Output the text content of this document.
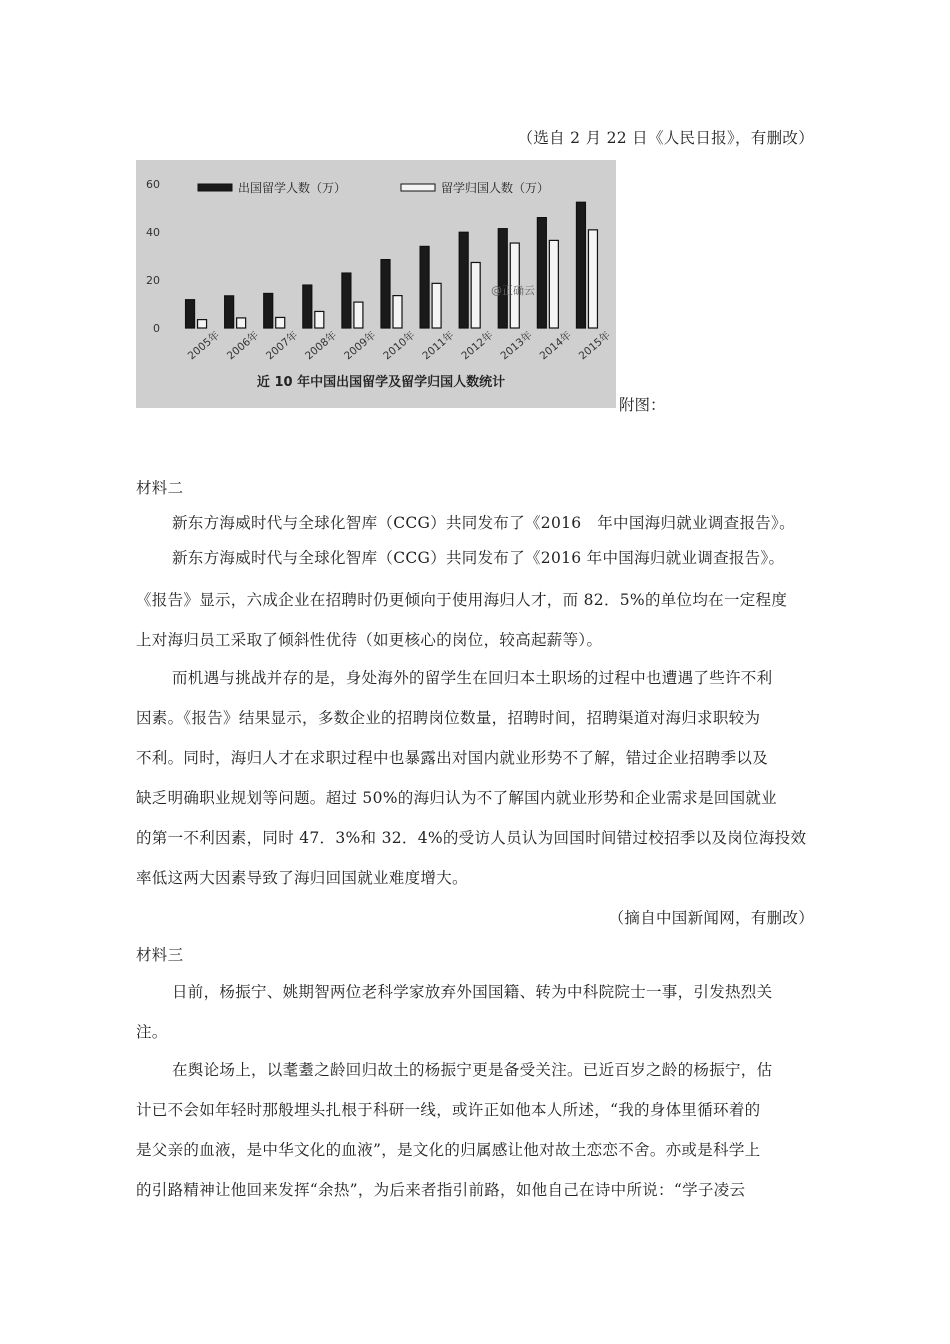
（选自 2 月 22 日《人民日报》，有删改）
0
20
40
60	出国留学人数（万）	留学归国人数（万）
2005年 2006年 2007年 2008年 2009年 2010年 2011年 2012年 2013年 2014年 2015年
@正确云
近 10 年中国出国留学及留学归国人数统计
附图：
材料二
新东方海威时代与全球化智库（CCG）共同发布了《2016　年中国海归就业调查报告》。
新东方海威时代与全球化智库（CCG）共同发布了《2016 年中国海归就业调查报告》。
《报告》显示，六成企业在招聘时仍更倾向于使用海归人才，而 82．5%的单位均在一定程度
上对海归员工采取了倾斜性优待（如更核心的岗位，较高起薪等）。
而机遇与挑战并存的是，身处海外的留学生在回归本土职场的过程中也遭遇了些许不利
因素。《报告》结果显示，多数企业的招聘岗位数量，招聘时间，招聘渠道对海归求职较为
不利。同时，海归人才在求职过程中也暴露出对国内就业形势不了解，错过企业招聘季以及
缺乏明确职业规划等问题。超过 50%的海归认为不了解国内就业形势和企业需求是回国就业
的第一不利因素，同时 47．3%和 32．4%的受访人员认为回国时间错过校招季以及岗位海投效
率低这两大因素导致了海归回国就业难度增大。
（摘自中国新闻网，有删改）
材料三
日前，杨振宁、姚期智两位老科学家放弃外国国籍、转为中科院院士一事，引发热烈关
注。
在舆论场上，以耄耋之龄回归故土的杨振宁更是备受关注。已近百岁之龄的杨振宁，估
计已不会如年轻时那般埋头扎根于科研一线，或许正如他本人所述，“我的身体里循环着的
是父亲的血液，是中华文化的血液”，是文化的归属感让他对故土恋恋不舍。亦或是科学上
的引路精神让他回来发挥“余热”，为后来者指引前路，如他自己在诗中所说：“学子凌云
